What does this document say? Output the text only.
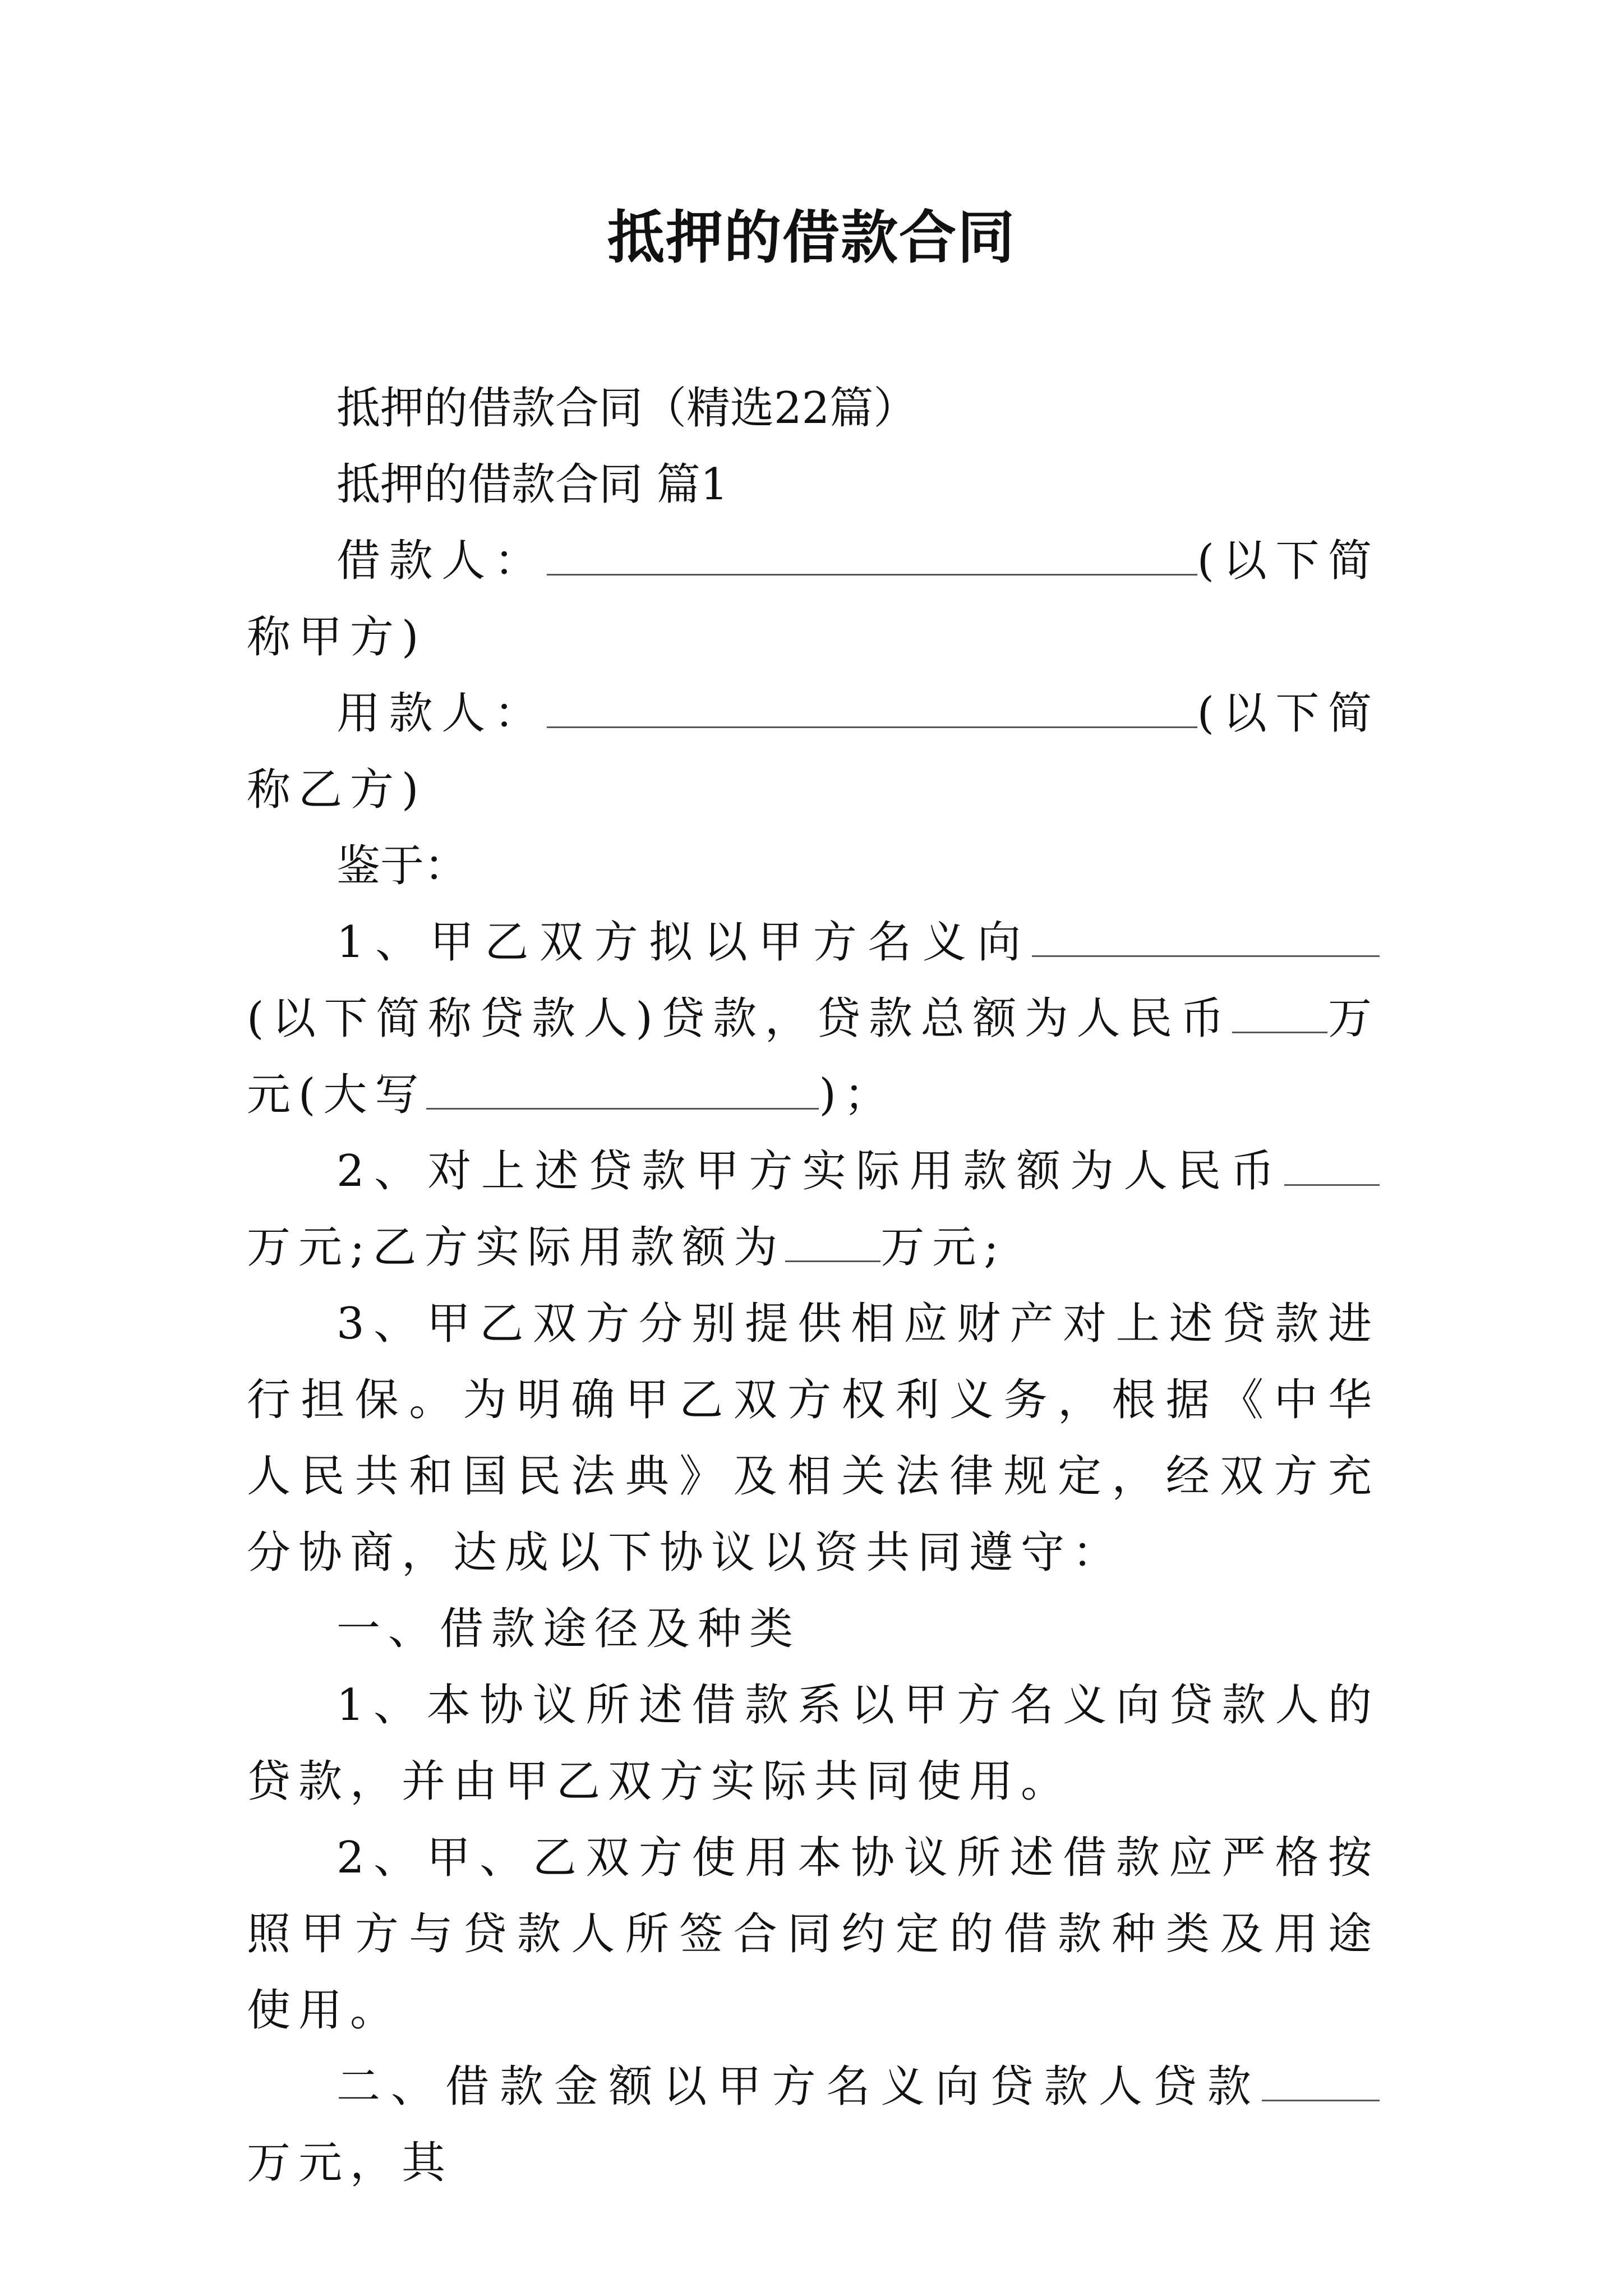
抵押的借款合同

抵押的借款合同（精选22篇）

抵押的借款合同 篇1

借款人：	(以下简称甲方)

用款人：	(以下简称乙方)

鉴于：

1、甲乙双方拟以甲方名义向(以下简称贷款人)贷款，贷款总额为人民币 万元(大写	)；

2、对上述贷款甲方实际用款额为人民币万元;乙方实际用款额为 万元;

3、甲乙双方分别提供相应财产对上述贷款进行担保。为明确甲乙双方权利义务，根据《中华人民共和国民法典》及相关法律规定，经双方充分协商，达成以下协议以资共同遵守：

一、借款途径及种类

1、本协议所述借款系以甲方名义向贷款人的贷款，并由甲乙双方实际共同使用。

2、甲、乙双方使用本协议所述借款应严格按照甲方与贷款人所签合同约定的借款种类及用途使用。

二、借款金额以甲方名义向贷款人贷款万元，其
